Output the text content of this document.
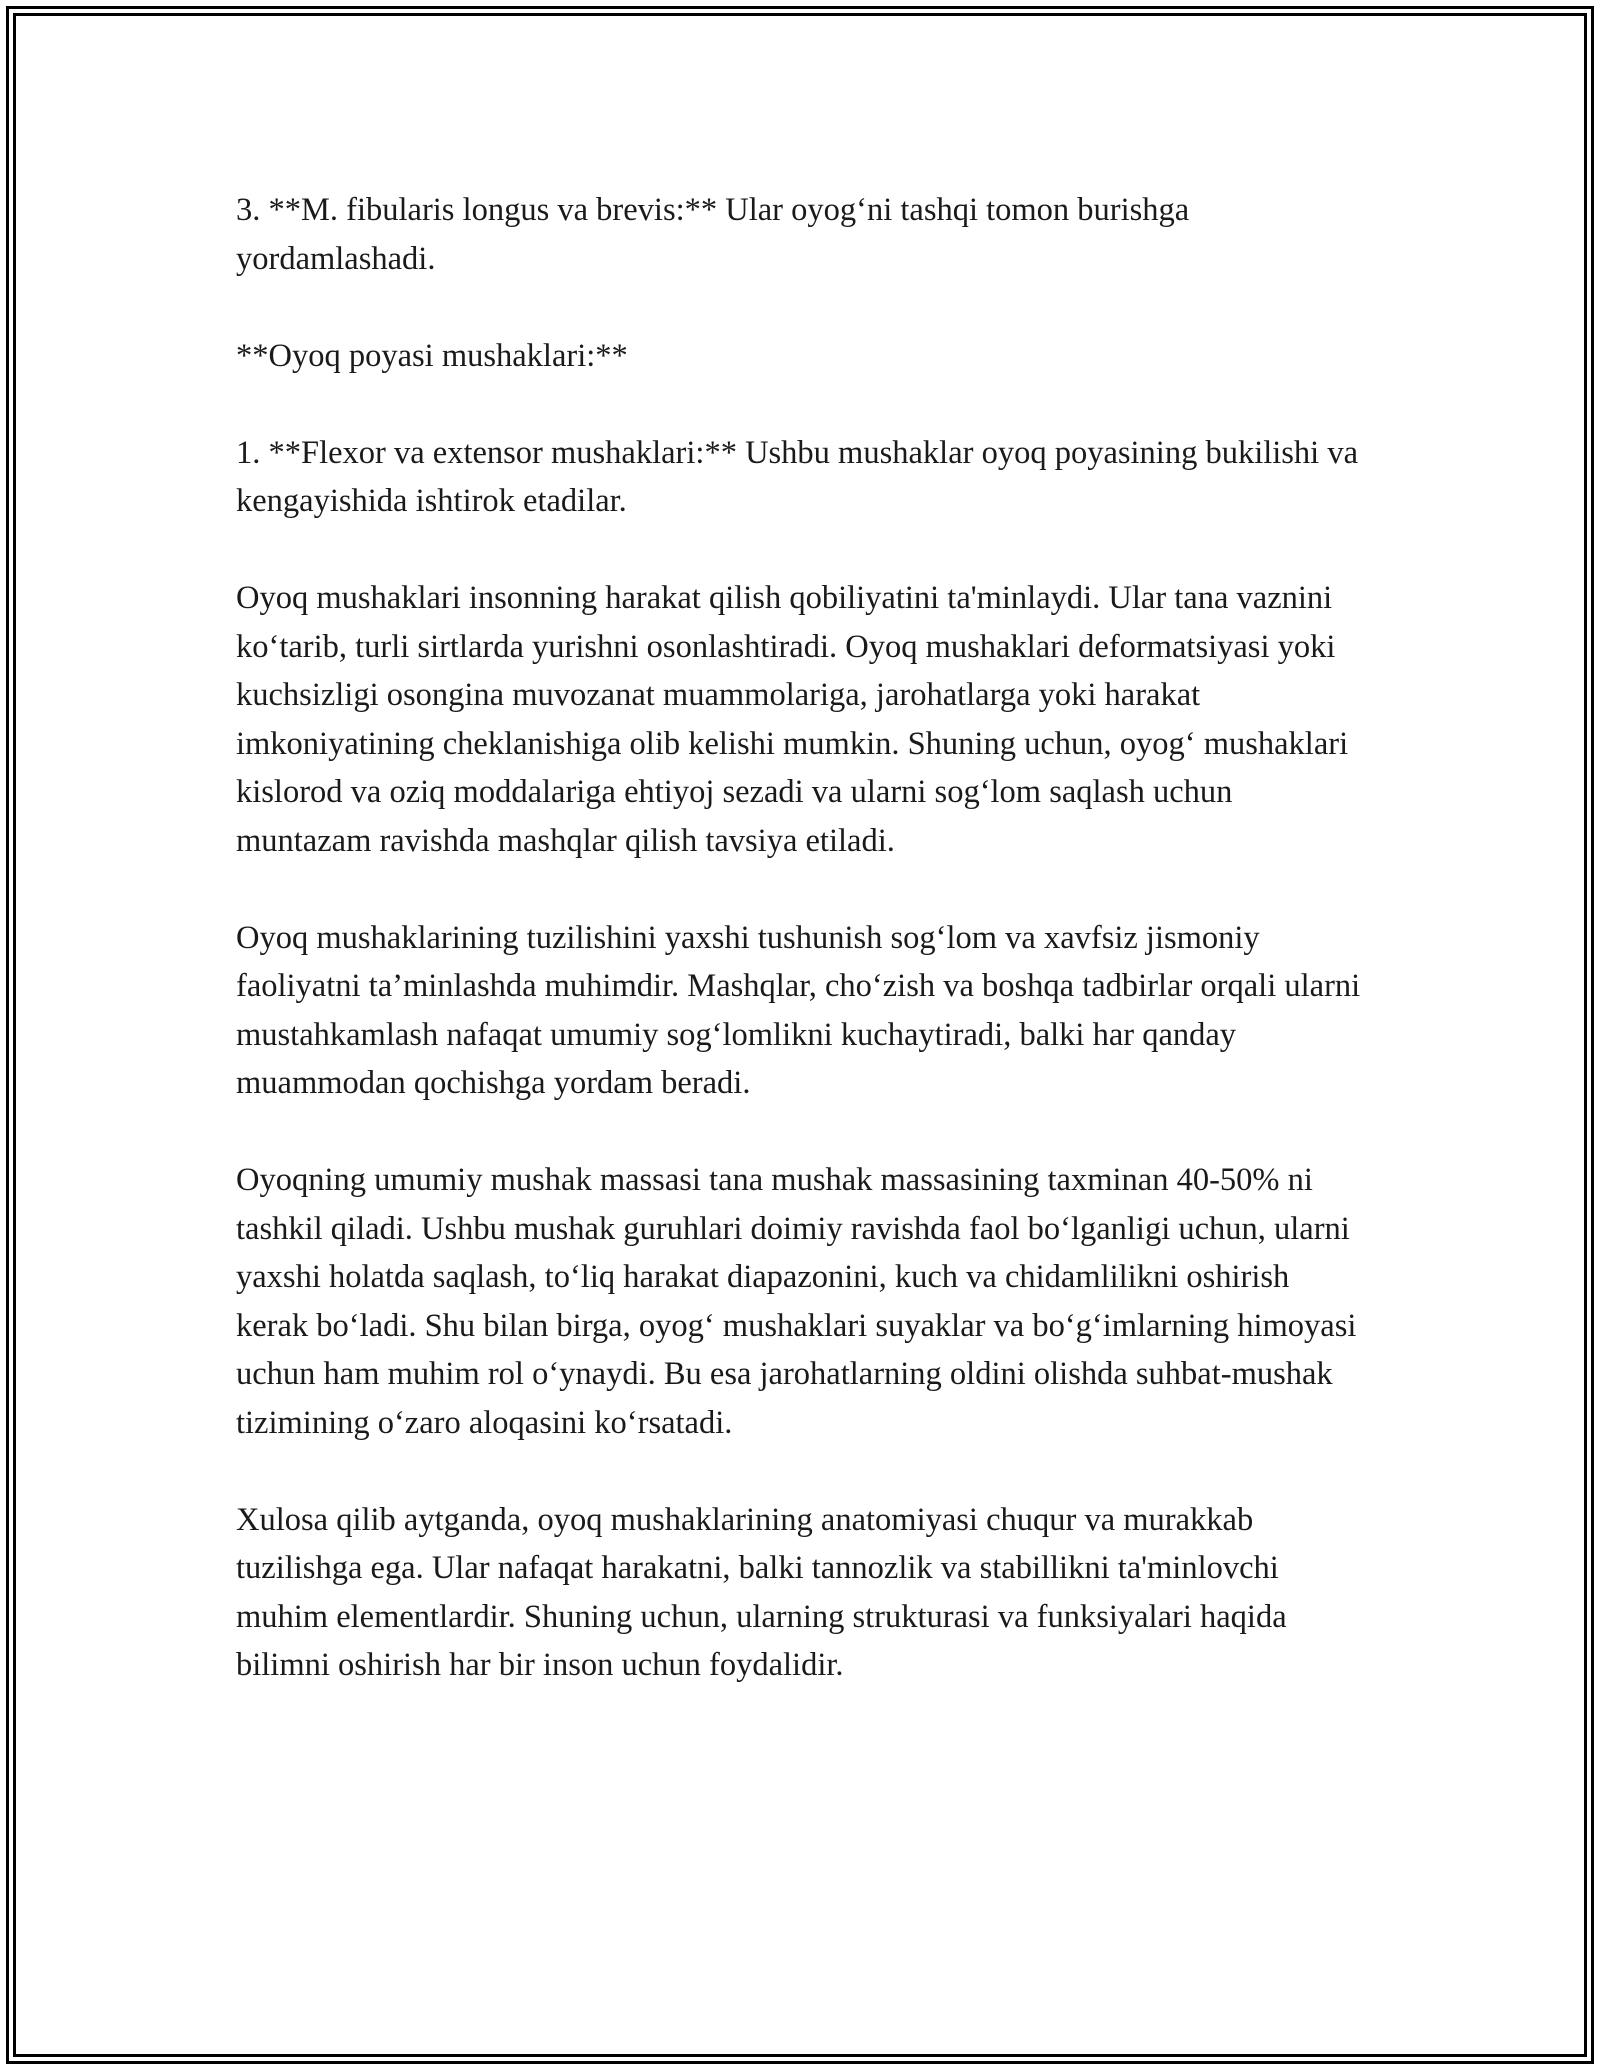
3. **M. fibularis longus va brevis:** Ular oyog‘ni tashqi tomon burishga yordamlashadi.

**Oyoq poyasi mushaklari:**

1. **Flexor va extensor mushaklari:** Ushbu mushaklar oyoq poyasining bukilishi va kengayishida ishtirok etadilar.

Oyoq mushaklari insonning harakat qilish qobiliyatini ta'minlaydi. Ular tana vaznini ko‘tarib, turli sirtlarda yurishni osonlashtiradi. Oyoq mushaklari deformatsiyasi yoki kuchsizligi osongina muvozanat muammolariga, jarohatlarga yoki harakat imkoniyatining cheklanishiga olib kelishi mumkin. Shuning uchun, oyog‘ mushaklari kislorod va oziq moddalariga ehtiyoj sezadi va ularni sog‘lom saqlash uchun muntazam ravishda mashqlar qilish tavsiya etiladi.

Oyoq mushaklarining tuzilishini yaxshi tushunish sog‘lom va xavfsiz jismoniy faoliyatni ta’minlashda muhimdir. Mashqlar, cho‘zish va boshqa tadbirlar orqali ularni mustahkamlash nafaqat umumiy sog‘lomlikni kuchaytiradi, balki har qanday muammodan qochishga yordam beradi.

Oyoqning umumiy mushak massasi tana mushak massasining taxminan 40-50% ni tashkil qiladi. Ushbu mushak guruhlari doimiy ravishda faol bo‘lganligi uchun, ularni yaxshi holatda saqlash, to‘liq harakat diapazonini, kuch va chidamlilikni oshirish kerak bo‘ladi. Shu bilan birga, oyog‘ mushaklari suyaklar va bo‘g‘imlarning himoyasi uchun ham muhim rol o‘ynaydi. Bu esa jarohatlarning oldini olishda suhbat-mushak tizimining o‘zaro aloqasini ko‘rsatadi.

Xulosa qilib aytganda, oyoq mushaklarining anatomiyasi chuqur va murakkab tuzilishga ega. Ular nafaqat harakatni, balki tannozlik va stabillikni ta'minlovchi muhim elementlardir. Shuning uchun, ularning strukturasi va funksiyalari haqida bilimni oshirish har bir inson uchun foydalidir.
